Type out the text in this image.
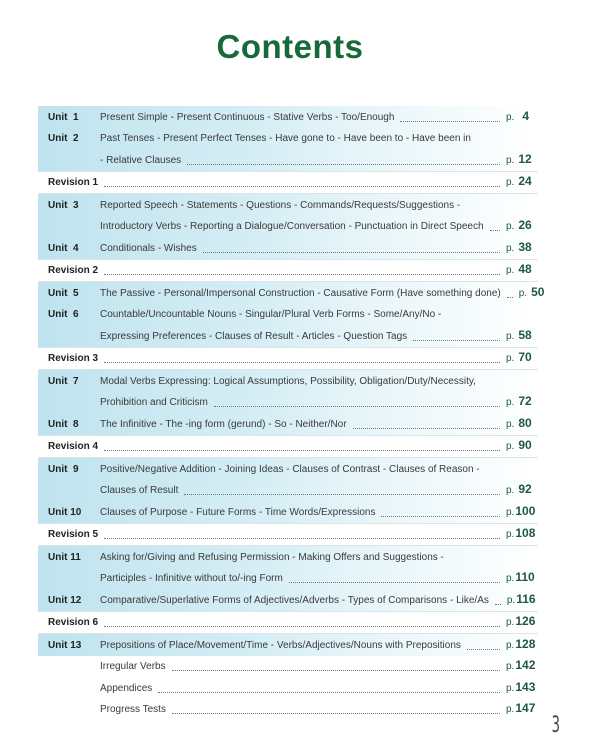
Contents
Unit  1	Present Simple - Present Continuous - Stative Verbs - Too/Enough	p. 4
Unit  2	Past Tenses - Present Perfect Tenses - Have gone to - Have been to - Have been in
- Relative Clauses	p. 12
Revision 1	p. 24
Unit  3	Reported Speech - Statements - Questions - Commands/Requests/Suggestions -
Introductory Verbs - Reporting a Dialogue/Conversation - Punctuation in Direct Speech p. 26
Unit  4	Conditionals - Wishes	p. 38
Revision 2	p. 48
Unit  5	The Passive - Personal/Impersonal Construction - Causative Form (Have something done) p. 50
Unit  6	Countable/Uncountable Nouns - Singular/Plural Verb Forms - Some/Any/No -
Expressing Preferences - Clauses of Result - Articles - Question Tags	p. 58
Revision 3	p. 70
Unit  7	Modal Verbs Expressing: Logical Assumptions, Possibility, Obligation/Duty/Necessity,
Prohibition and Criticism	p. 72
Unit  8	The Infinitive - The -ing form (gerund) - So - Neither/Nor	p. 80
Revision 4	p. 90
Unit  9	Positive/Negative Addition - Joining Ideas - Clauses of Contrast - Clauses of Reason -
Clauses of Result	p. 92
Unit 10	Clauses of Purpose - Future Forms - Time Words/Expressions	p.100
Revision 5	p.108
Unit 11	Asking for/Giving and Refusing Permission - Making Offers and Suggestions -
Participles - Infinitive without to/-ing Form	p.110
Unit 12	Comparative/Superlative Forms of Adjectives/Adverbs - Types of Comparisons - Like/As p.116
Revision 6	p.126
Unit 13	Prepositions of Place/Movement/Time - Verbs/Adjectives/Nouns with Prepositions	p.128
Irregular Verbs	p.142
Appendices	p.143
Progress Tests	p.147
3
